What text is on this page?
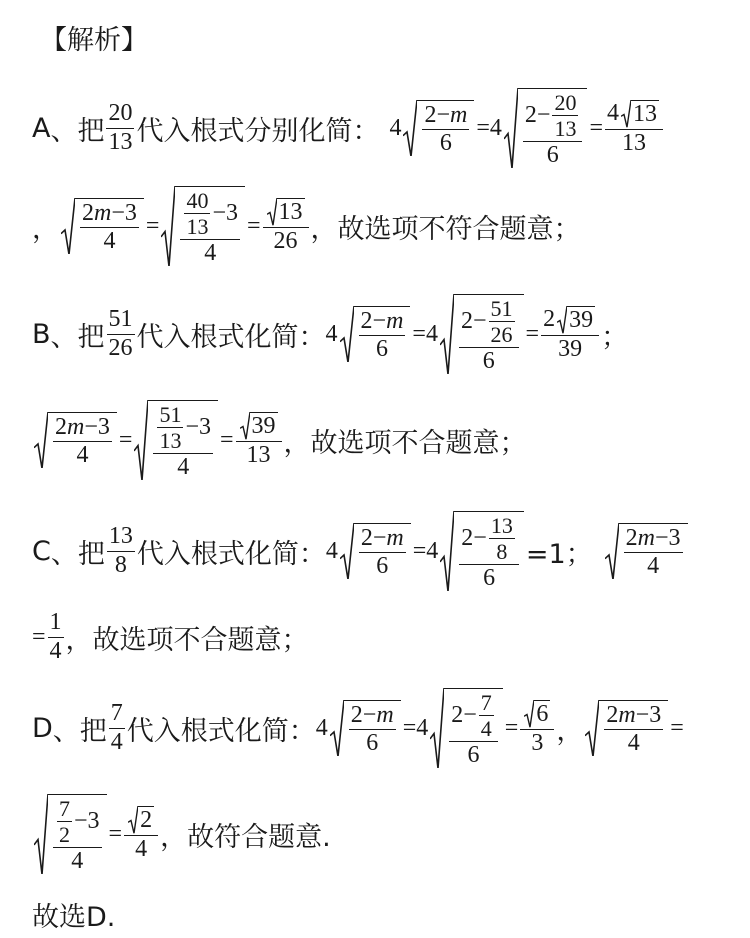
【解析】
A 、 把 $\frac{20}{13}$ 代入根式分别化简： $4 \frac{2 - m}{6} = 4 \frac{2- \frac{20}{13}}{6} = \frac{4 13}{13}$
， $\frac{2 m -3}{4} = \frac{\frac{40}{13} -3}{4} = \frac{13}{26}$ ，故选项不符合题意；
B 、 把 $\frac{51}{26}$ 代入根式化简： $4 \frac{2 - m}{6} = 4 \frac{2- \frac{51}{26}}{6} = \frac{2 39}{39}$ ；
$\frac{2 m -3}{4} = \frac{\frac{51}{13} -3}{4} = \frac{39}{13}$ ，故选项不合题意；
C 、 把 $\frac{13}{8}$ 代入根式化简： $4 \frac{2 - m}{6} = 4 \frac{2- \frac{13}{8}}{6} =1$； $\frac{2 m -3}{4}$
= $\frac{1}{4}$ ，故选项不合题意；
D 、 把 $\frac{7}{4}$ 代入根式化简： $4 \frac{2 - m}{6} = 4 \frac{2- \frac{7}{4}}{6} = \frac{6}{3}$ ， $\frac{2 m -3}{4}$ =
$\frac{\frac{7}{2} -3}{4} = \frac{2}{4}$ ，故符合题意.
故选D.
